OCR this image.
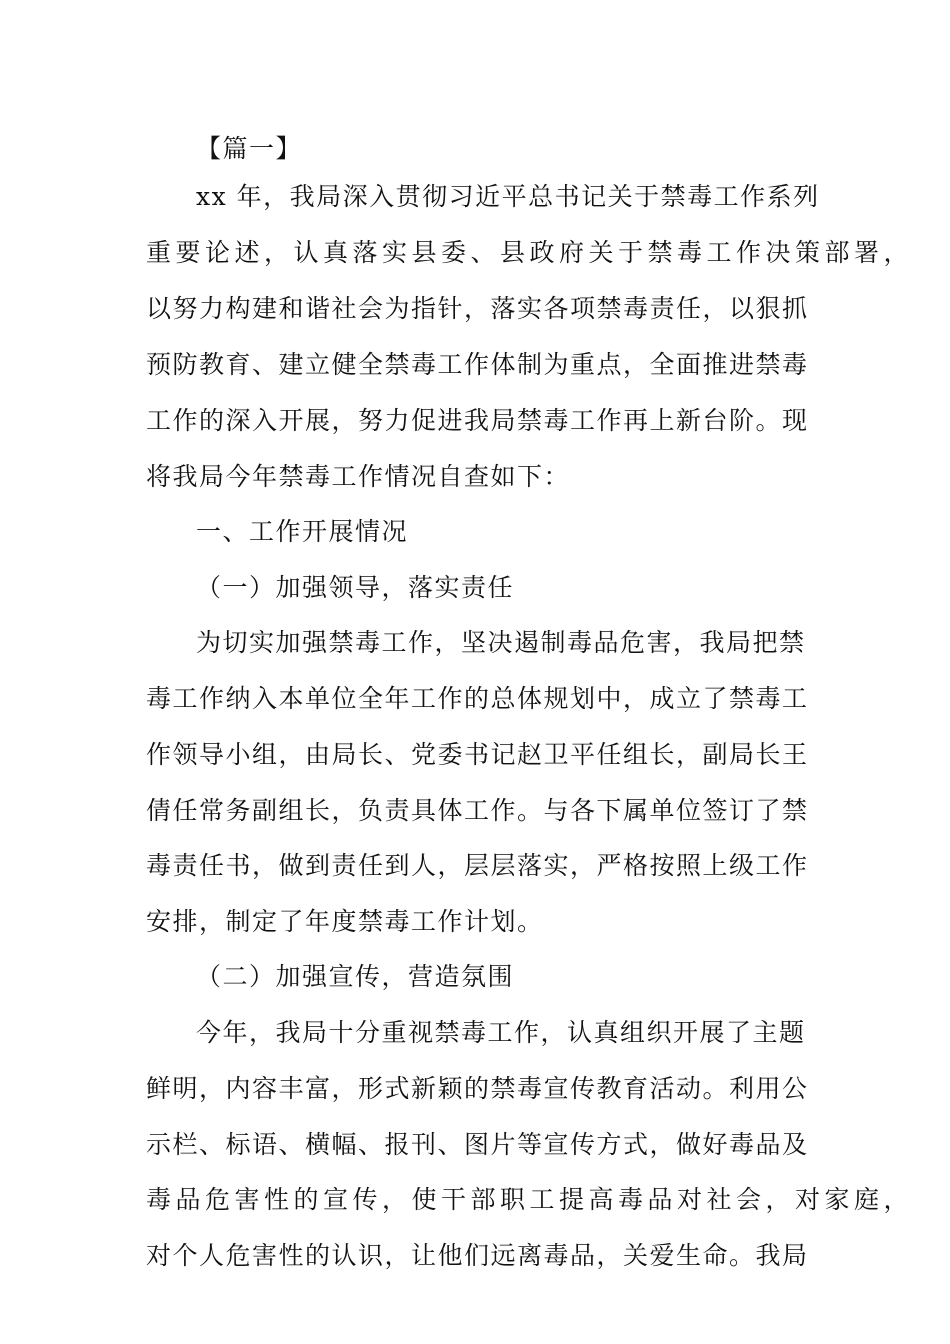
【篇一】
xx 年，我局深入贯彻习近平总书记关于禁毒工作系列
重要论述，认真落实县委、县政府关于禁毒工作决策部署，
以努力构建和谐社会为指针，落实各项禁毒责任，以狠抓
预防教育、建立健全禁毒工作体制为重点，全面推进禁毒
工作的深入开展，努力促进我局禁毒工作再上新台阶。现
将我局今年禁毒工作情况自查如下：
一、工作开展情况
（一）加强领导，落实责任
为切实加强禁毒工作，坚决遏制毒品危害，我局把禁
毒工作纳入本单位全年工作的总体规划中，成立了禁毒工
作领导小组，由局长、党委书记赵卫平任组长，副局长王
倩任常务副组长，负责具体工作。与各下属单位签订了禁
毒责任书，做到责任到人，层层落实，严格按照上级工作
安排，制定了年度禁毒工作计划。
（二）加强宣传，营造氛围
今年，我局十分重视禁毒工作，认真组织开展了主题
鲜明，内容丰富，形式新颖的禁毒宣传教育活动。利用公
示栏、标语、横幅、报刊、图片等宣传方式，做好毒品及
毒品危害性的宣传，使干部职工提高毒品对社会，对家庭，
对个人危害性的认识，让他们远离毒品，关爱生命。我局
